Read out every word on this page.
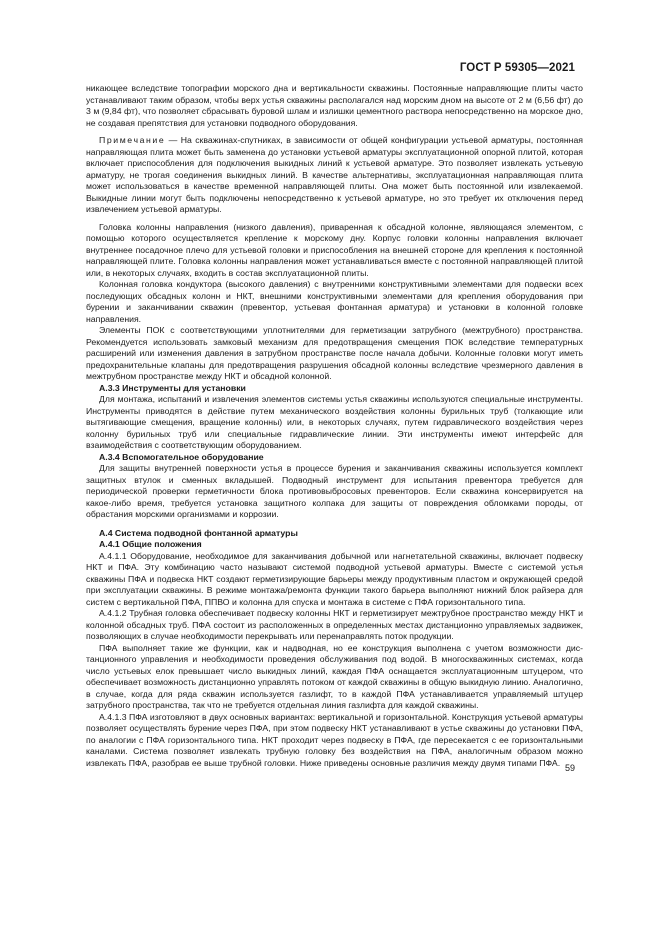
ГОСТ Р 59305—2021

никающее вследствие топографии морского дна и вертикальности скважины. Постоянные направляющие плиты часто устанавливают таким образом, чтобы верх устья скважины располагался над морским дном на высоте от 2 м (6,56 фт) до 3 м (9,84 фт), что позволяет сбрасывать буровой шлам и излишки цементного раствора непосредственно на морское дно, не создавая препятствия для установки подводного оборудования.

Примечание — На скважинах-спутниках, в зависимости от общей конфигурации устьевой арматуры, постоянная направляющая плита может быть заменена до установки устьевой арматуры эксплуатационной опорной плитой, которая включает приспособления для подключения выкидных линий к устьевой арматуре. Это позволяет извлекать устьевую арматуру, не трогая соединения выкидных линий. В качестве альтернативы, эксплуатационная направляющая плита может использоваться в качестве временной направляющей плиты. Она может быть постоянной или извлекаемой. Выкидные линии могут быть подключены непосредственно к устьевой арматуре, но это требует их отключения перед извлечением устьевой арматуры.

Головка колонны направления (низкого давления), приваренная к обсадной колонне, являющаяся элементом, с помощью которого осуществляется крепление к морскому дну. Корпус головки колонны направления включает внутреннее посадочное плечо для устьевой головки и приспособления на внешней стороне для крепления к постоянной направляющей плите. Головка колонны направления может устанавливаться вместе с постоянной направляющей плитой или, в некоторых случаях, входить в состав эксплуатационной плиты.

Колонная головка кондуктора (высокого давления) с внутренними конструктивными элементами для подвески всех последующих обсадных колонн и НКТ, внешними конструктивными элементами для крепления оборудования при бурении и заканчивании скважин (превентор, устьевая фонтанная арматура) и установки в колонной головке направления.

Элементы ПОК с соответствующими уплотнителями для герметизации затрубного (межтрубного) пространства. Рекомендуется использовать замковый механизм для предотвращения смещения ПОК вследствие температурных расширений или изменения давления в затрубном пространстве после начала добычи. Колонные головки могут иметь предохранительные клапаны для предотвращения разрушения обсадной колонны вследствие чрезмерного давления в межтрубном пространстве между НКТ и обсадной колонной.

А.3.3 Инструменты для установки

Для монтажа, испытаний и извлечения элементов системы устья скважины используются специальные инструменты. Инструменты приводятся в действие путем механического воздействия колонны бурильных труб (толкающие или вытягивающие смещения, вращение колонны) или, в некоторых случаях, путем гидравлического воздействия через колонну бурильных труб или специальные гидравлические линии. Эти инструменты имеют интерфейс для взаимодействия с соответствующим оборудованием.

А.3.4 Вспомогательное оборудование

Для защиты внутренней поверхности устья в процессе бурения и заканчивания скважины используется комплект защитных втулок и сменных вкладышей. Подводный инструмент для испытания превентора требуется для периодической проверки герметичности блока противовыбросовых превенторов. Если скважина консервируется на какое-либо время, требуется установка защитного колпака для защиты от повреждения обломками породы, от обрастания морскими организмами и коррозии.

А.4 Система подводной фонтанной арматуры
А.4.1 Общие положения

А.4.1.1 Оборудование, необходимое для заканчивания добычной или нагнетательной скважины, включает подвеску НКТ и ПФА. Эту комбинацию часто называют системой подводной устьевой арматуры. Вместе с системой устья скважины ПФА и подвеска НКТ создают герметизирующие барьеры между продуктивным пластом и окружающей средой при эксплуатации скважины. В режиме монтажа/ремонта функции такого барьера выполняют нижний блок райзера для систем с вертикальной ПФА, ППВО и колонна для спуска и монтажа в системе с ПФА горизонтального типа.

А.4.1.2 Трубная головка обеспечивает подвеску колонны НКТ и герметизирует межтрубное пространство между НКТ и колонной обсадных труб. ПФА состоит из расположенных в определенных местах дистанционно управляемых задвижек, позволяющих в случае необходимости перекрывать или перенаправлять поток продукции.

ПФА выполняет такие же функции, как и надводная, но ее конструкция выполнена с учетом возможности дистанционного управления и необходимости проведения обслуживания под водой. В многоскважинных системах, когда число устьевых елок превышает число выкидных линий, каждая ПФА оснащается эксплуатационным штуцером, что обеспечивает возможность дистанционно управлять потоком от каждой скважины в общую выкидную линию. Аналогично, в случае, когда для ряда скважин используется газлифт, то в каждой ПФА устанавливается управляемый штуцер затрубного пространства, так что не требуется отдельная линия газлифта для каждой скважины.

А.4.1.3 ПФА изготовляют в двух основных вариантах: вертикальной и горизонтальной. Конструкция устьевой арматуры позволяет осуществлять бурение через ПФА, при этом подвеску НКТ устанавливают в устье скважины до установки ПФА, по аналогии с ПФА горизонтального типа. НКТ проходит через подвеску в ПФА, где пересекается с ее горизонтальными каналами. Система позволяет извлекать трубную головку без воздействия на ПФА, аналогичным образом можно извлекать ПФА, разобрав ее выше трубной головки. Ниже приведены основные различия между двумя типами ПФА.

59
